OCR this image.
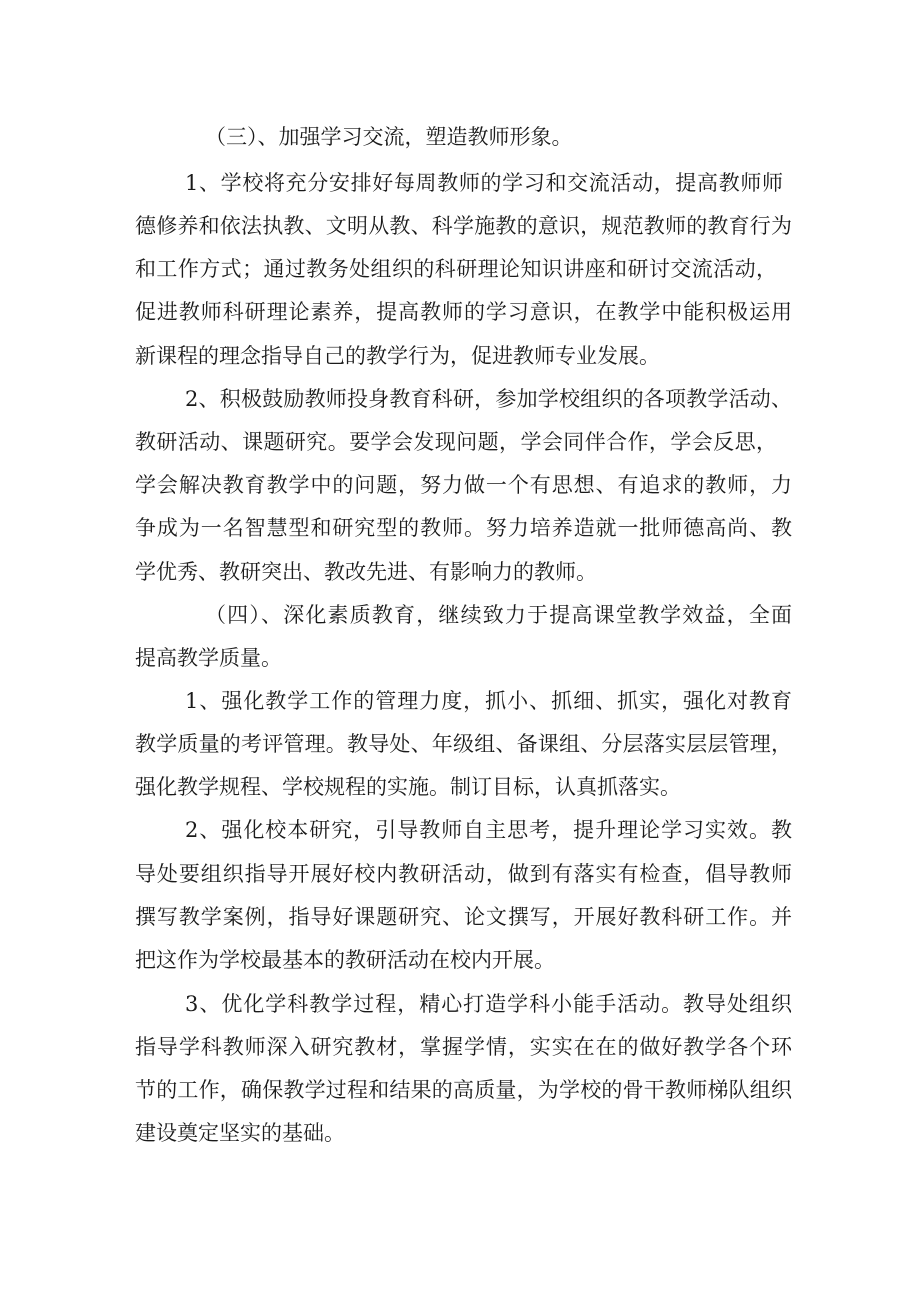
（三）、加强学习交流，塑造教师形象。
1、学校将充分安排好每周教师的学习和交流活动，提高教师师
德修养和依法执教、文明从教、科学施教的意识，规范教师的教育行为
和工作方式；通过教务处组织的科研理论知识讲座和研讨交流活动，
促进教师科研理论素养，提高教师的学习意识，在教学中能积极运用
新课程的理念指导自己的教学行为，促进教师专业发展。
2、积极鼓励教师投身教育科研，参加学校组织的各项教学活动、
教研活动、课题研究。要学会发现问题，学会同伴合作，学会反思，
学会解决教育教学中的问题，努力做一个有思想、有追求的教师，力
争成为一名智慧型和研究型的教师。努力培养造就一批师德高尚、教
学优秀、教研突出、教改先进、有影响力的教师。
（四）、深化素质教育，继续致力于提高课堂教学效益，全面
提高教学质量。
1、强化教学工作的管理力度，抓小、抓细、抓实，强化对教育
教学质量的考评管理。教导处、年级组、备课组、分层落实层层管理，
强化教学规程、学校规程的实施。制订目标，认真抓落实。
2、强化校本研究，引导教师自主思考，提升理论学习实效。教
导处要组织指导开展好校内教研活动，做到有落实有检查，倡导教师
撰写教学案例，指导好课题研究、论文撰写，开展好教科研工作。并
把这作为学校最基本的教研活动在校内开展。
3、优化学科教学过程，精心打造学科小能手活动。教导处组织
指导学科教师深入研究教材，掌握学情，实实在在的做好教学各个环
节的工作，确保教学过程和结果的高质量，为学校的骨干教师梯队组织
建设奠定坚实的基础。
